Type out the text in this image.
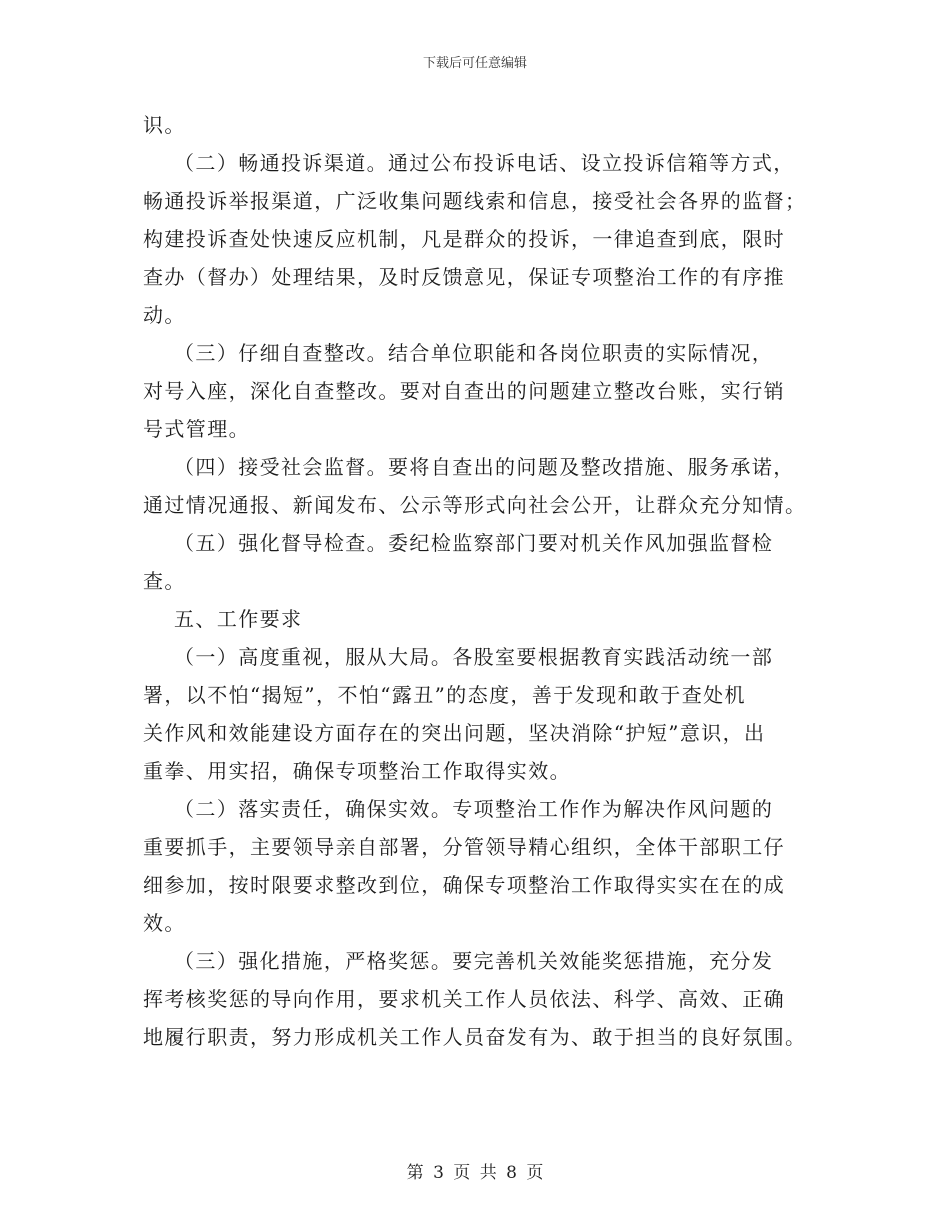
下载后可任意编辑
识。
（二）畅通投诉渠道。通过公布投诉电话、设立投诉信箱等方式，
畅通投诉举报渠道，广泛收集问题线索和信息，接受社会各界的监督；
构建投诉查处快速反应机制，凡是群众的投诉，一律追查到底，限时
查办（督办）处理结果，及时反馈意见，保证专项整治工作的有序推
动。
（三）仔细自查整改。结合单位职能和各岗位职责的实际情况，
对号入座，深化自查整改。要对自查出的问题建立整改台账，实行销
号式管理。
（四）接受社会监督。要将自查出的问题及整改措施、服务承诺，
通过情况通报、新闻发布、公示等形式向社会公开，让群众充分知情。
（五）强化督导检查。委纪检监察部门要对机关作风加强监督检
查。
五、工作要求
（一）高度重视，服从大局。各股室要根据教育实践活动统一部
署，以不怕“揭短”，不怕“露丑”的态度，善于发现和敢于查处机
关作风和效能建设方面存在的突出问题，坚决消除“护短”意识，出
重拳、用实招，确保专项整治工作取得实效。
（二）落实责任，确保实效。专项整治工作作为解决作风问题的
重要抓手，主要领导亲自部署，分管领导精心组织，全体干部职工仔
细参加，按时限要求整改到位，确保专项整治工作取得实实在在的成
效。
（三）强化措施，严格奖惩。要完善机关效能奖惩措施，充分发
挥考核奖惩的导向作用，要求机关工作人员依法、科学、高效、正确
地履行职责，努力形成机关工作人员奋发有为、敢于担当的良好氛围。
第 3 页 共 8 页
